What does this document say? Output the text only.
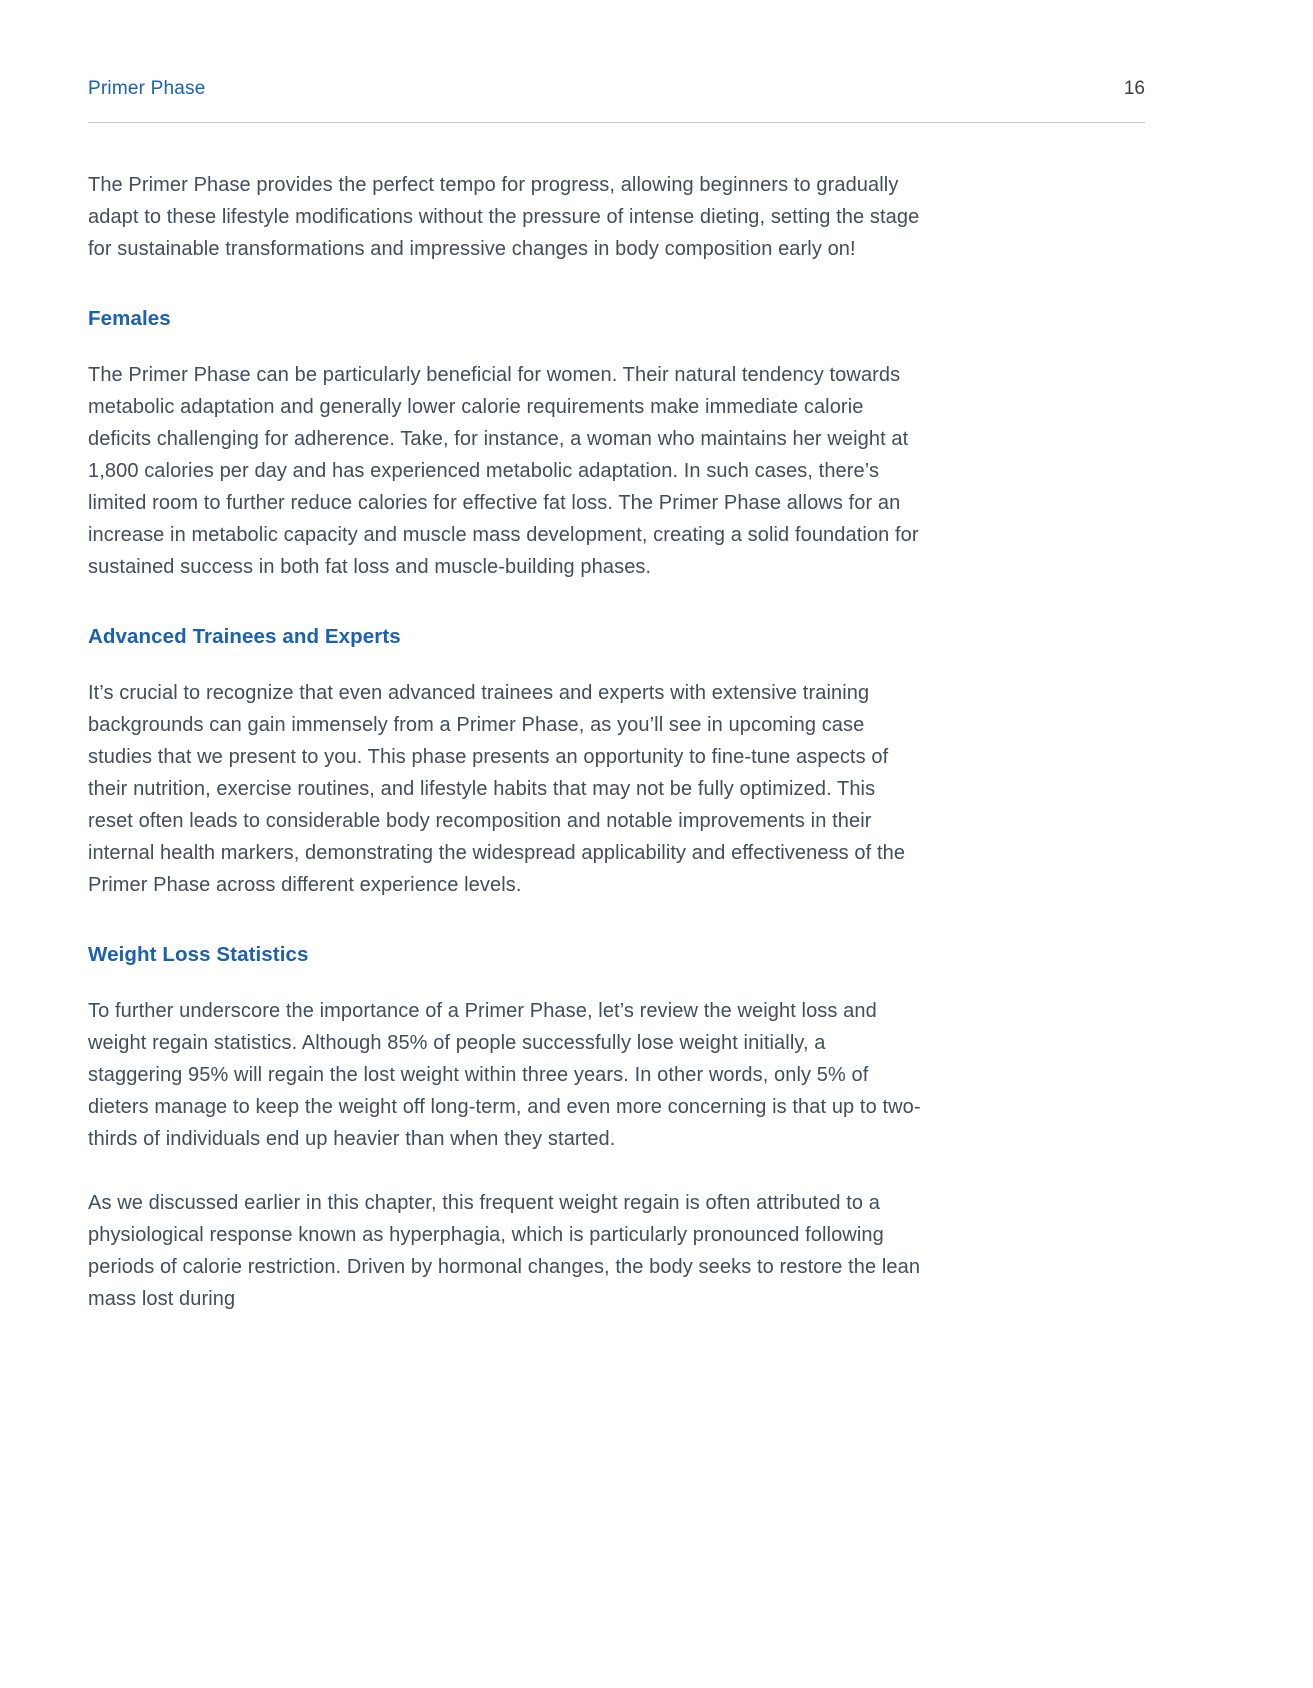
Primer Phase	16

The Primer Phase provides the perfect tempo for progress, allowing beginners to gradually adapt to these lifestyle modifications without the pressure of intense dieting, setting the stage for sustainable transformations and impressive changes in body composition early on!

Females

The Primer Phase can be particularly beneficial for women. Their natural tendency towards metabolic adaptation and generally lower calorie requirements make immediate calorie deficits challenging for adherence. Take, for instance, a woman who maintains her weight at 1,800 calories per day and has experienced metabolic adaptation. In such cases, there’s limited room to further reduce calories for effective fat loss. The Primer Phase allows for an increase in metabolic capacity and muscle mass development, creating a solid foundation for sustained success in both fat loss and muscle-building phases.

Advanced Trainees and Experts

It’s crucial to recognize that even advanced trainees and experts with extensive training backgrounds can gain immensely from a Primer Phase, as you’ll see in upcoming case studies that we present to you. This phase presents an opportunity to fine-tune aspects of their nutrition, exercise routines, and lifestyle habits that may not be fully optimized. This reset often leads to considerable body recomposition and notable improvements in their internal health markers, demonstrating the widespread applicability and effectiveness of the Primer Phase across different experience levels.

Weight Loss Statistics

To further underscore the importance of a Primer Phase, let’s review the weight loss and weight regain statistics. Although 85% of people successfully lose weight initially, a staggering 95% will regain the lost weight within three years. In other words, only 5% of dieters manage to keep the weight off long-term, and even more concerning is that up to two-thirds of individuals end up heavier than when they started.

As we discussed earlier in this chapter, this frequent weight regain is often attributed to a physiological response known as hyperphagia, which is particularly pronounced following periods of calorie restriction. Driven by hormonal changes, the body seeks to restore the lean mass lost during
